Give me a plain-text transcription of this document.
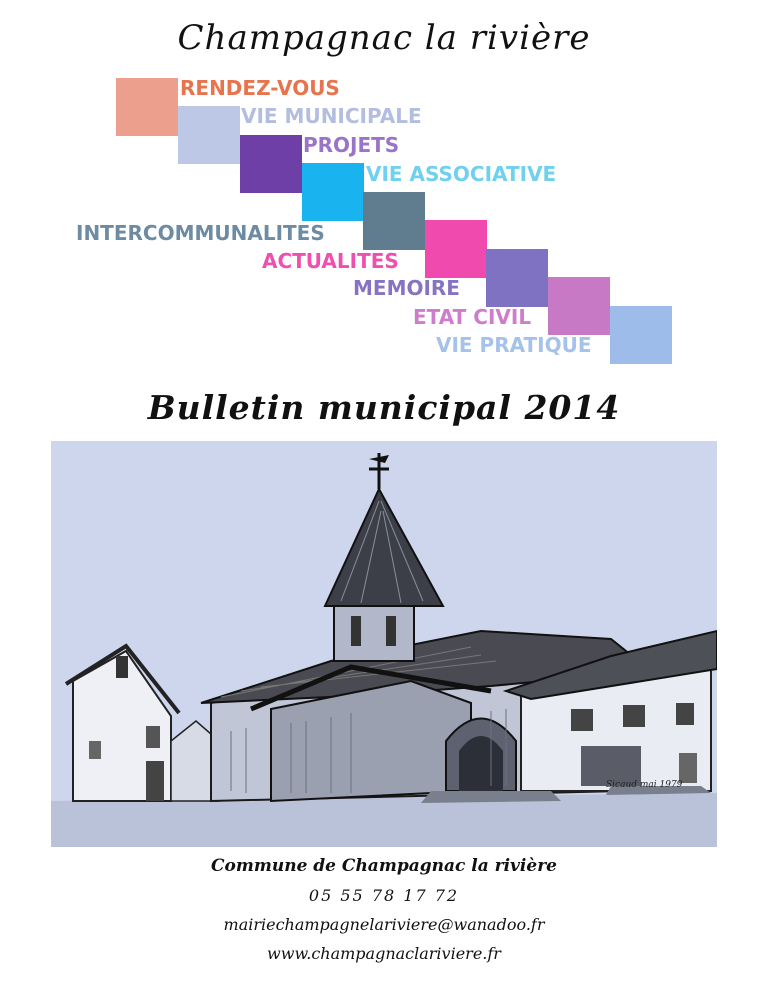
Champagnac la rivière
RENDEZ-VOUS
VIE MUNICIPALE
PROJETS
VIE ASSOCIATIVE
INTERCOMMUNALITES
ACTUALITES
MEMOIRE
ETAT CIVIL
VIE PRATIQUE
Bulletin municipal 2014
Sicaud mai 1979
Commune de Champagnac la rivière
05 55 78 17 72
mairiechampagnelariviere@wanadoo.fr
www.champagnaclariviere.fr
